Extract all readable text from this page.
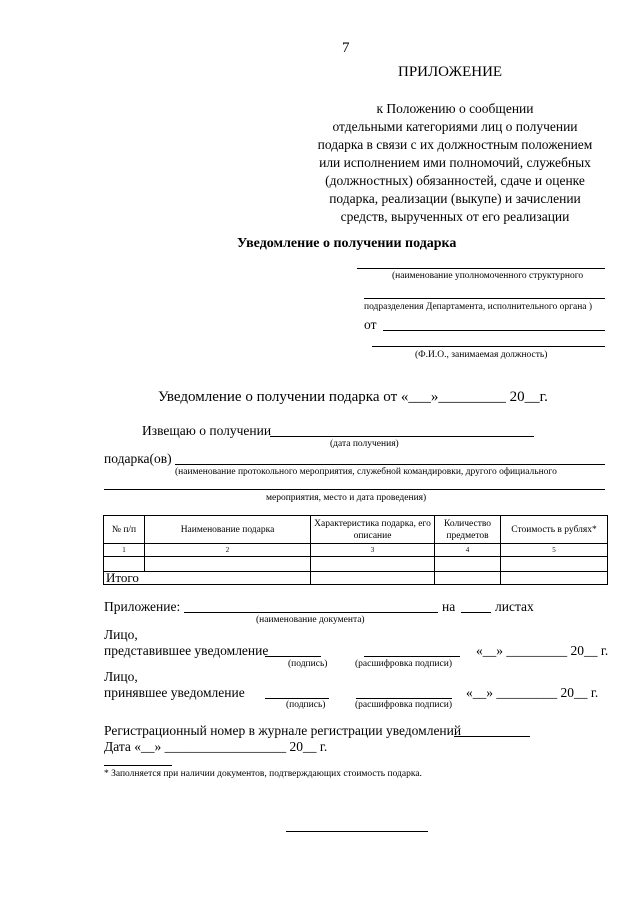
7
ПРИЛОЖЕНИЕ
к Положению о сообщении
отдельными категориями лиц о получении
подарка в связи с их должностным положением
или исполнением ими полномочий, служебных
(должностных) обязанностей, сдаче и оценке
подарка, реализации (выкупе) и зачислении
средств, вырученных от его реализации
Уведомление о получении подарка
(наименование уполномоченного структурного
подразделения Департамента, исполнительного органа )
от
(Ф.И.О., занимаемая должность)
Уведомление о получении подарка от «___»_________ 20__г.
Извещаю о получении
(дата получения)
подарка(ов)
(наименование протокольного мероприятия, служебной командировки, другого официального
мероприятия, место и дата проведения)
№ п/п	Наименование подарка	Характеристика подарка, его описание	Количество предметов	Стоимость в рублях*
1	2	3	4	5

Итого				
Приложение:	на	листах
(наименование документа)
Лицо,
представившее уведомление	«__» _________ 20__ г.
(подпись)	(расшифровка подписи)
Лицо,
принявшее уведомление	«__» _________ 20__ г.
(подпись)	(расшифровка подписи)
Регистрационный номер в журнале регистрации уведомлений
Дата «__» __________________ 20__ г.
* Заполняется при наличии документов, подтверждающих стоимость подарка.
